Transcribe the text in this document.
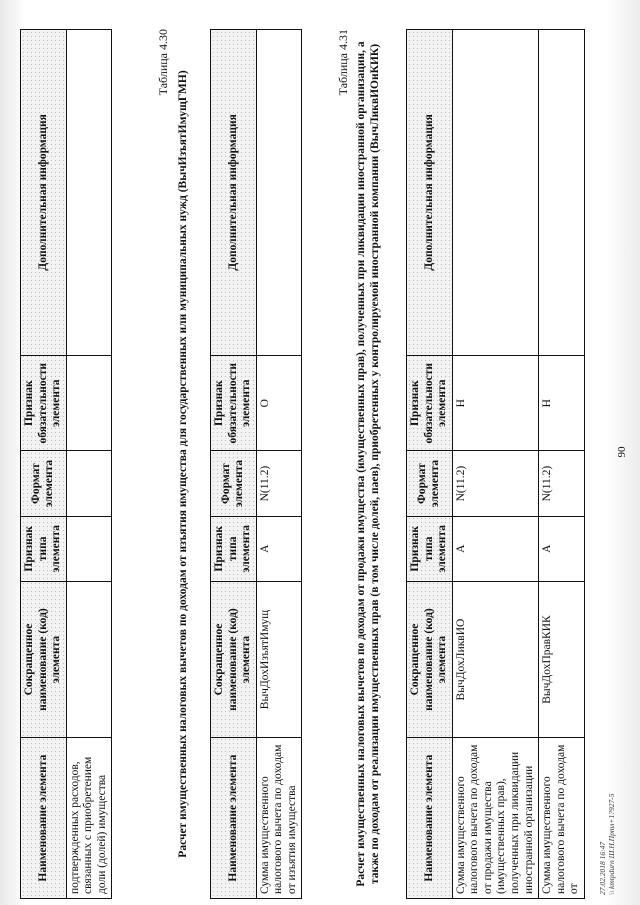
90
Наименование элемента	Сокращенное наименование (код) элемента	Признак типа элемента	Формат элемента	Признак обязательности элемента	Дополнительная информация
подтвержденных расходов, связанных с приобретением доли (долей) имущества					
Таблица 4.30
Расчет имущественных налоговых вычетов по доходам от изъятия имущества для государственных или муниципальных нужд (ВычИзъятИмущГМН)	Наименование элемента	Сокращенное наименование (код) элемента	Признак типа элемента	Формат элемента	Признак обязательности элемента	Дополнительная информация
Сумма имущественного налогового вычета по доходам от изъятия имущества	ВычДохИзъятИмущ	А	N(11.2)	О	
Таблица 4.31 Расчет имущественных налоговых вычетов по доходам от продажи имущества (имущественных прав), полученных при ликвидации иностранной организации, а также по доходам от реализации имущественных прав (в том числе долей, паев), приобретенных у контролируемой иностранной компании (ВычЛиквИОиКИК)	Наименование элемента	Сокращенное наименование (код) элемента	Признак типа элемента	Формат элемента	Признак обязательности элемента	Дополнительная информация
Сумма имущественного налогового вычета по доходам от продажи имущества (имущественных прав), полученных при ликвидации иностранной организации	ВычДохЛиквИО	А	N(11.2)	Н	
Сумма имущественного налогового вычета по доходам от	ВычДохПравКИК	А	N(11.2)	Н	
27.02.2018 16:47 \\ kmtpdurn Ш.Н.Пртл+1?927-5
